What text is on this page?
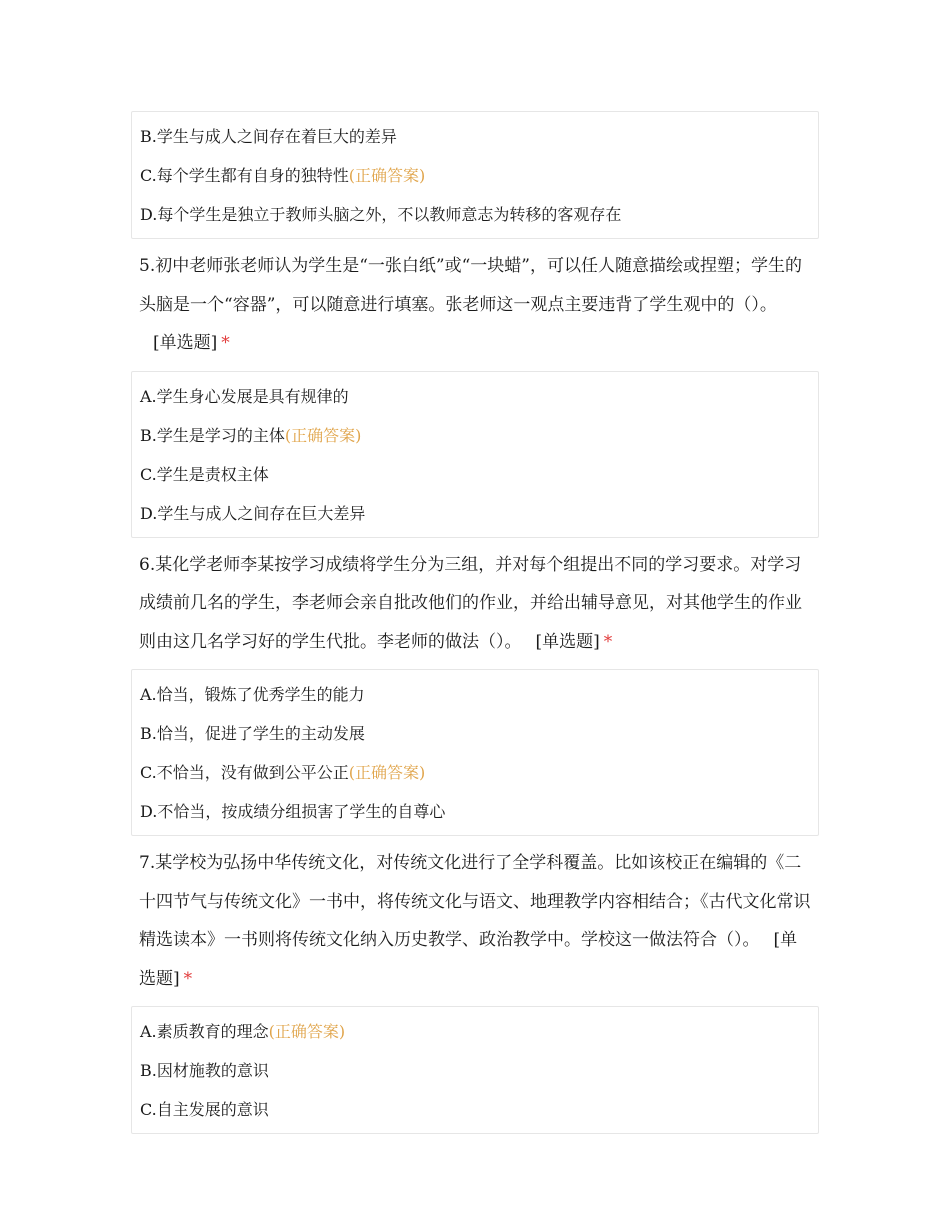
B.学生与成人之间存在着巨大的差异
C.每个学生都有自身的独特性(正确答案)
D.每个学生是独立于教师头脑之外，不以教师意志为转移的客观存在

5.初中老师张老师认为学生是“一张白纸”或“一块蜡”，可以任人随意描绘或捏塑；学生的头脑是一个“容器”，可以随意进行填塞。张老师这一观点主要违背了学生观中的（）。[单选题] *

A.学生身心发展是具有规律的
B.学生是学习的主体(正确答案)
C.学生是责权主体
D.学生与成人之间存在巨大差异

6.某化学老师李某按学习成绩将学生分为三组，并对每个组提出不同的学习要求。对学习成绩前几名的学生，李老师会亲自批改他们的作业，并给出辅导意见，对其他学生的作业则由这几名学习好的学生代批。李老师的做法（）。 [单选题] *

A.恰当，锻炼了优秀学生的能力
B.恰当，促进了学生的主动发展
C.不恰当，没有做到公平公正(正确答案)
D.不恰当，按成绩分组损害了学生的自尊心

7.某学校为弘扬中华传统文化，对传统文化进行了全学科覆盖。比如该校正在编辑的《二十四节气与传统文化》一书中，将传统文化与语文、地理教学内容相结合；《古代文化常识精选读本》一书则将传统文化纳入历史教学、政治教学中。学校这一做法符合（）。 [单选题] *

A.素质教育的理念(正确答案)
B.因材施教的意识
C.自主发展的意识
